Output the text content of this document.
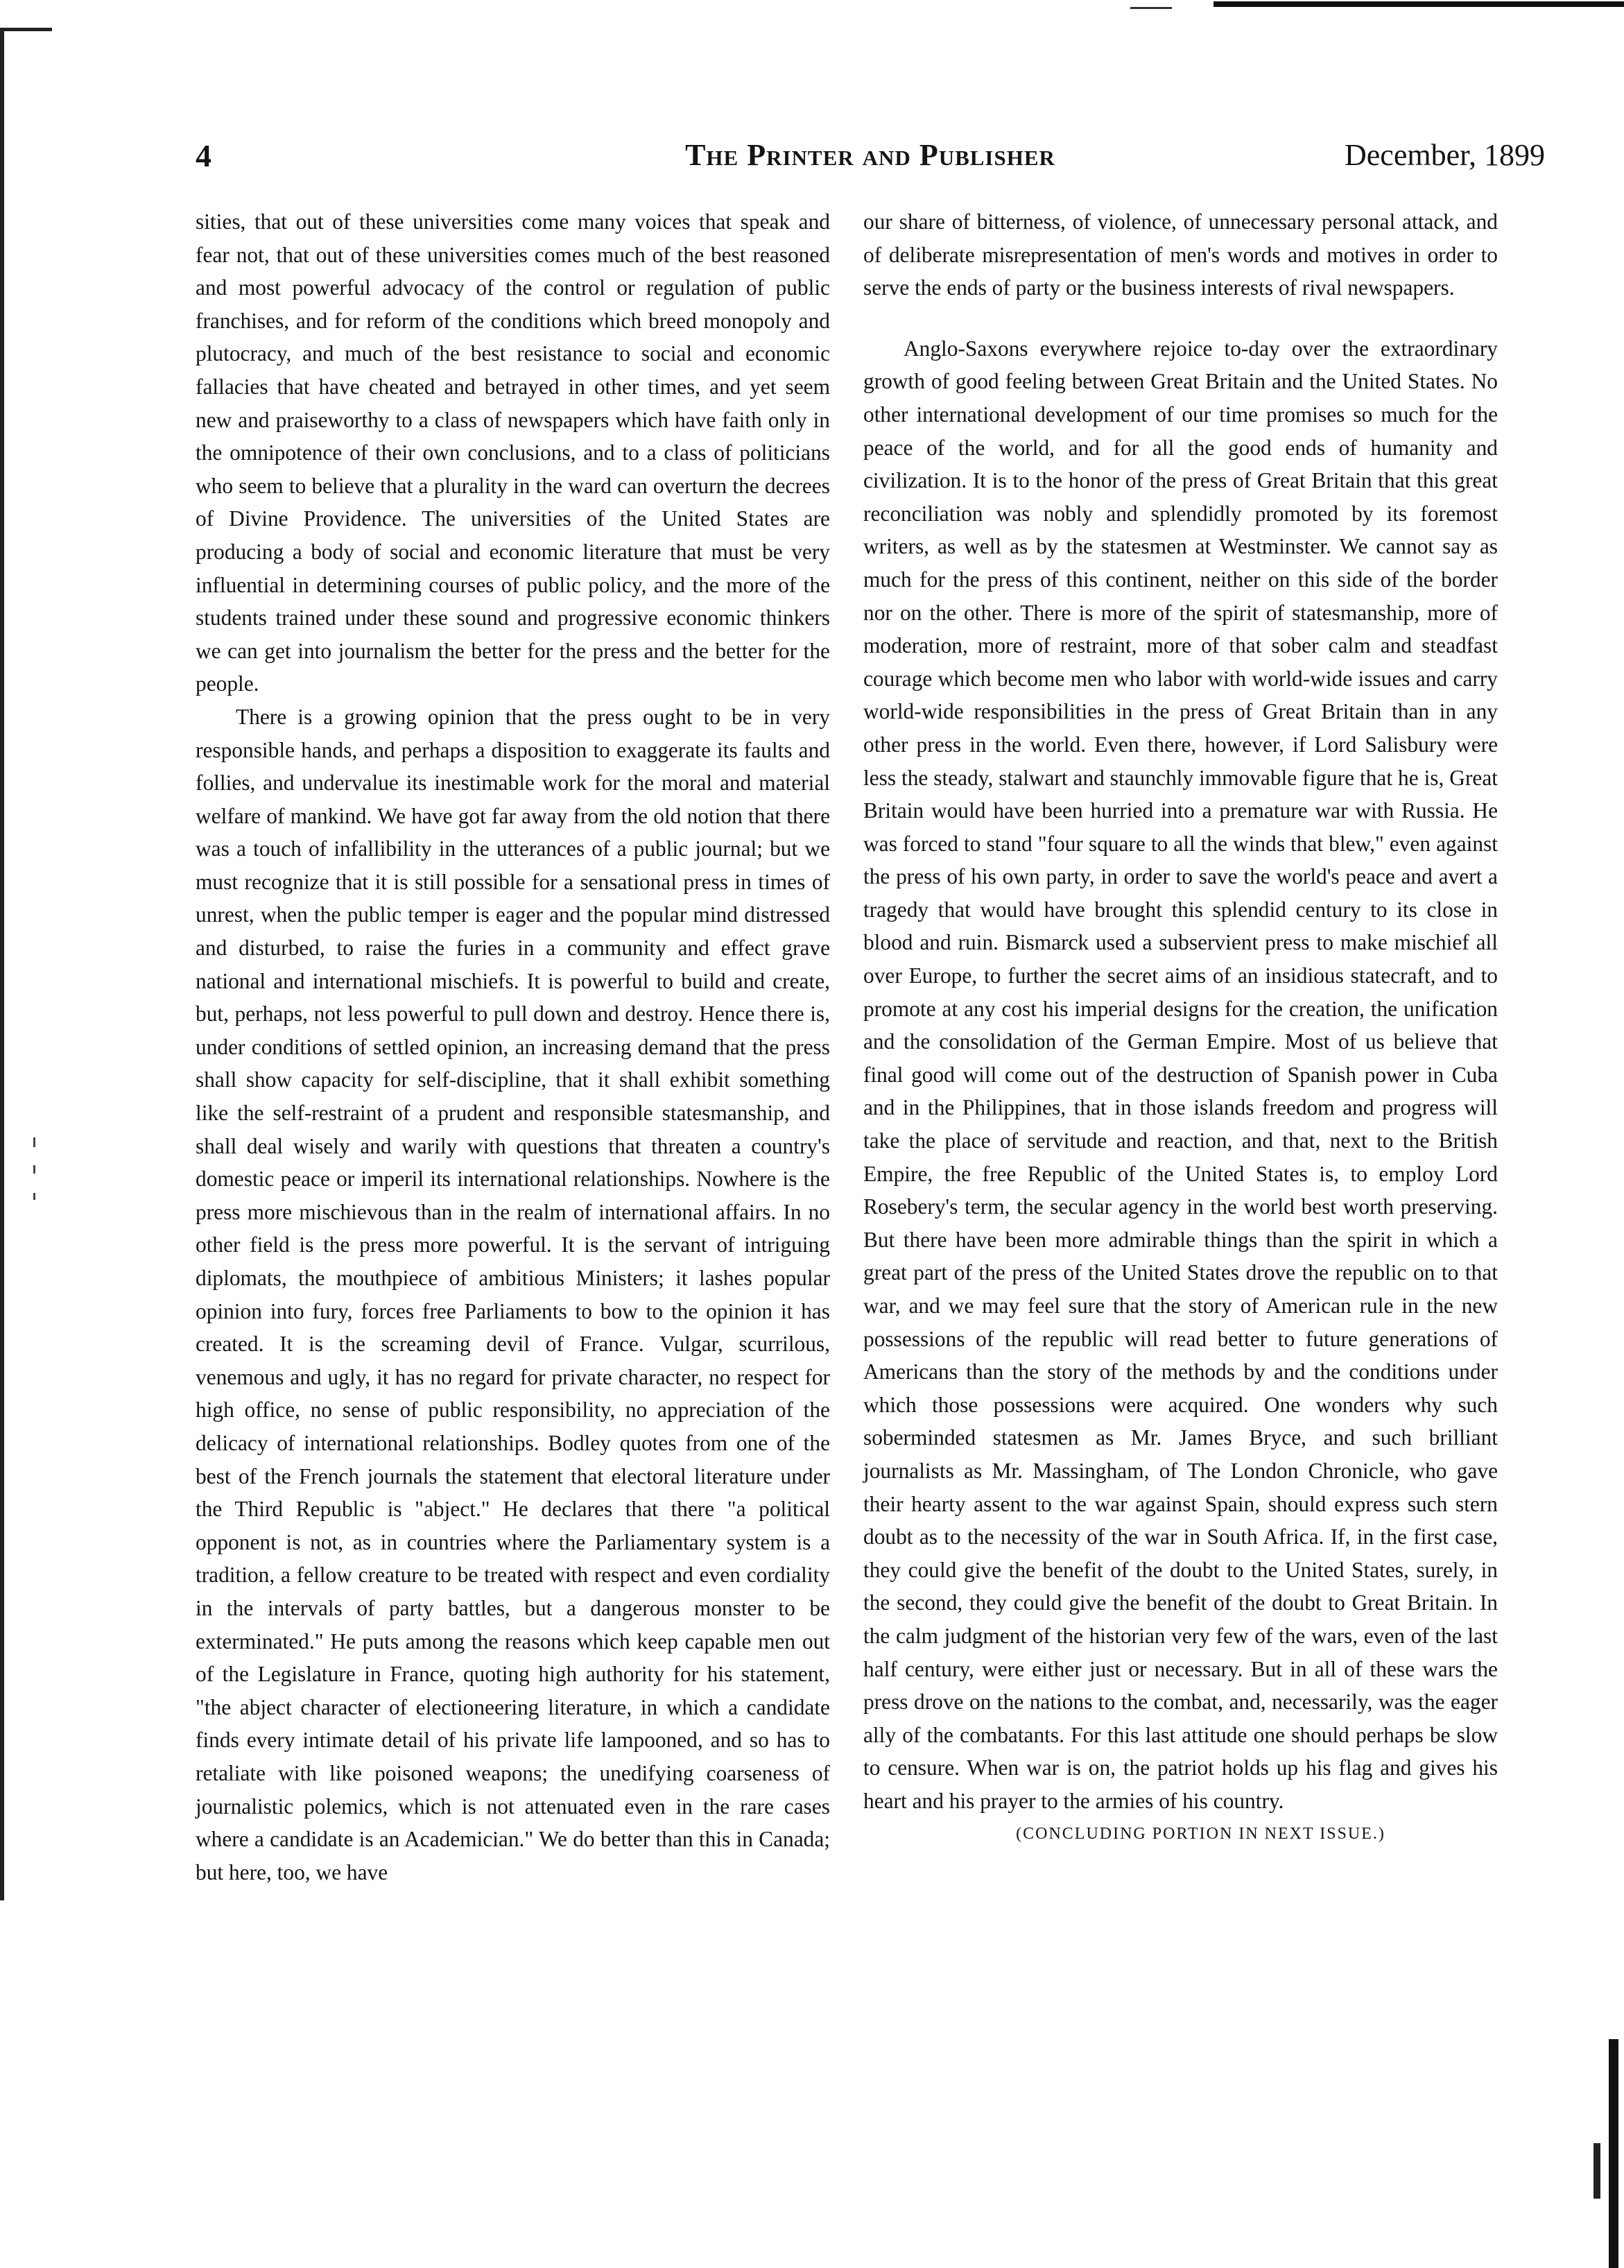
4	The Printer and Publisher	December, 1899

sities, that out of these universities come many voices that speak and fear not, that out of these universities comes much of the best reasoned and most powerful advocacy of the control or regulation of public franchises, and for reform of the conditions which breed monopoly and plutocracy, and much of the best resistance to social and economic fallacies that have cheated and betrayed in other times, and yet seem new and praiseworthy to a class of newspapers which have faith only in the omnipotence of their own conclusions, and to a class of politicians who seem to believe that a plurality in the ward can overturn the decrees of Divine Providence. The universities of the United States are producing a body of social and economic literature that must be very influential in determining courses of public policy, and the more of the students trained under these sound and progressive economic thinkers we can get into journalism the better for the press and the better for the people.

There is a growing opinion that the press ought to be in very responsible hands, and perhaps a disposition to exaggerate its faults and follies, and undervalue its inestimable work for the moral and material welfare of mankind. We have got far away from the old notion that there was a touch of infallibility in the utterances of a public journal; but we must recognize that it is still possible for a sensational press in times of unrest, when the public temper is eager and the popular mind distressed and disturbed, to raise the furies in a community and effect grave national and international mischiefs. It is powerful to build and create, but, perhaps, not less powerful to pull down and destroy. Hence there is, under conditions of settled opinion, an increasing demand that the press shall show capacity for self-discipline, that it shall exhibit something like the self-restraint of a prudent and responsible statesmanship, and shall deal wisely and warily with questions that threaten a country's domestic peace or imperil its international relationships. Nowhere is the press more mischievous than in the realm of international affairs. In no other field is the press more powerful. It is the servant of intriguing diplomats, the mouthpiece of ambitious Ministers; it lashes popular opinion into fury, forces free Parliaments to bow to the opinion it has created. It is the screaming devil of France. Vulgar, scurrilous, venemous and ugly, it has no regard for private character, no respect for high office, no sense of public responsibility, no appreciation of the delicacy of international relationships. Bodley quotes from one of the best of the French journals the statement that electoral literature under the Third Republic is "abject." He declares that there "a political opponent is not, as in countries where the Parliamentary system is a tradition, a fellow creature to be treated with respect and even cordiality in the intervals of party battles, but a dangerous monster to be exterminated." He puts among the reasons which keep capable men out of the Legislature in France, quoting high authority for his statement, "the abject character of electioneering literature, in which a candidate finds every intimate detail of his private life lampooned, and so has to retaliate with like poisoned weapons; the unedifying coarseness of journalistic polemics, which is not attenuated even in the rare cases where a candidate is an Academician." We do better than this in Canada; but here, too, we have

our share of bitterness, of violence, of unnecessary personal attack, and of deliberate misrepresentation of men's words and motives in order to serve the ends of party or the business interests of rival newspapers.

Anglo-Saxons everywhere rejoice to-day over the extraordinary growth of good feeling between Great Britain and the United States. No other international development of our time promises so much for the peace of the world, and for all the good ends of humanity and civilization. It is to the honor of the press of Great Britain that this great reconciliation was nobly and splendidly promoted by its foremost writers, as well as by the statesmen at Westminster. We cannot say as much for the press of this continent, neither on this side of the border nor on the other. There is more of the spirit of statesmanship, more of moderation, more of restraint, more of that sober calm and steadfast courage which become men who labor with world-wide issues and carry world-wide responsibilities in the press of Great Britain than in any other press in the world. Even there, however, if Lord Salisbury were less the steady, stalwart and staunchly immovable figure that he is, Great Britain would have been hurried into a premature war with Russia. He was forced to stand "four square to all the winds that blew," even against the press of his own party, in order to save the world's peace and avert a tragedy that would have brought this splendid century to its close in blood and ruin. Bismarck used a subservient press to make mischief all over Europe, to further the secret aims of an insidious statecraft, and to promote at any cost his imperial designs for the creation, the unification and the consolidation of the German Empire. Most of us believe that final good will come out of the destruction of Spanish power in Cuba and in the Philippines, that in those islands freedom and progress will take the place of servitude and reaction, and that, next to the British Empire, the free Republic of the United States is, to employ Lord Rosebery's term, the secular agency in the world best worth preserving. But there have been more admirable things than the spirit in which a great part of the press of the United States drove the republic on to that war, and we may feel sure that the story of American rule in the new possessions of the republic will read better to future generations of Americans than the story of the methods by and the conditions under which those possessions were acquired. One wonders why such soberminded statesmen as Mr. James Bryce, and such brilliant journalists as Mr. Massingham, of The London Chronicle, who gave their hearty assent to the war against Spain, should express such stern doubt as to the necessity of the war in South Africa. If, in the first case, they could give the benefit of the doubt to the United States, surely, in the second, they could give the benefit of the doubt to Great Britain. In the calm judgment of the historian very few of the wars, even of the last half century, were either just or necessary. But in all of these wars the press drove on the nations to the combat, and, necessarily, was the eager ally of the combatants. For this last attitude one should perhaps be slow to censure. When war is on, the patriot holds up his flag and gives his heart and his prayer to the armies of his country.

(CONCLUDING PORTION IN NEXT ISSUE.)
